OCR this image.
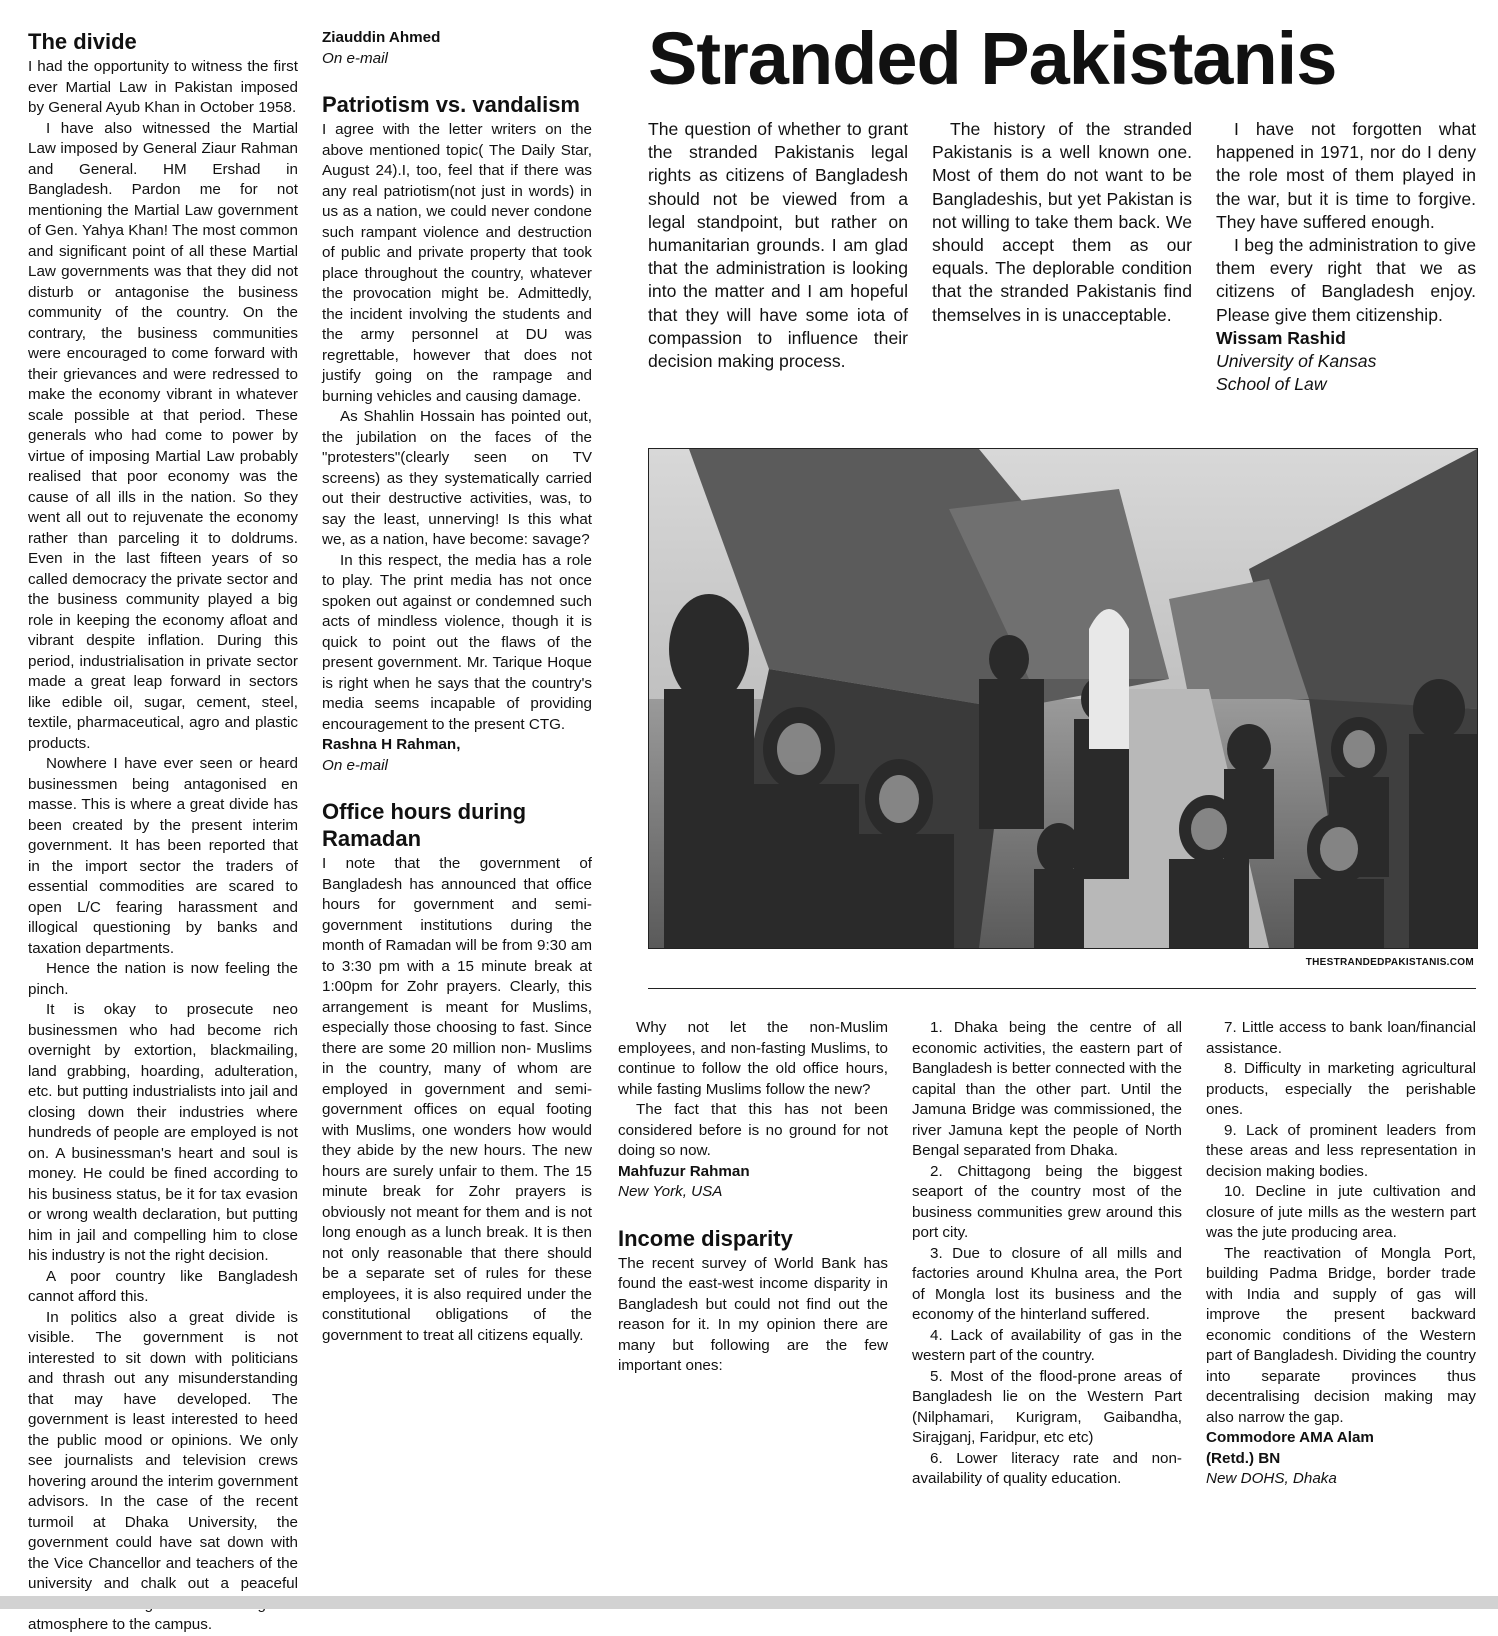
The divide

I had the opportunity to witness the first ever Martial Law in Pakistan imposed by General Ayub Khan in October 1958.

I have also witnessed the Martial Law imposed by General Ziaur Rahman and General. HM Ershad in Bangladesh. Pardon me for not mentioning the Martial Law government of Gen. Yahya Khan! The most common and significant point of all these Martial Law governments was that they did not disturb or antagonise the business community of the country. On the contrary, the business communities were encouraged to come forward with their grievances and were redressed to make the economy vibrant in whatever scale possible at that period. These generals who had come to power by virtue of imposing Martial Law probably realised that poor economy was the cause of all ills in the nation. So they went all out to rejuvenate the economy rather than parceling it to doldrums. Even in the last fifteen years of so called democracy the private sector and the business community played a big role in keeping the economy afloat and vibrant despite inflation. During this period, industrialisation in private sector made a great leap forward in sectors like edible oil, sugar, cement, steel, textile, pharmaceutical, agro and plastic products.

Nowhere I have ever seen or heard businessmen being antagonised en masse. This is where a great divide has been created by the present interim government. It has been reported that in the import sector the traders of essential commodities are scared to open L/C fearing harassment and illogical questioning by banks and taxation departments.

Hence the nation is now feeling the pinch.

It is okay to prosecute neo businessmen who had become rich overnight by extortion, blackmailing, land grabbing, hoarding, adulteration, etc. but putting industrialists into jail and closing down their industries where hundreds of people are employed is not on. A businessman's heart and soul is money. He could be fined according to his business status, be it for tax evasion or wrong wealth declaration, but putting him in jail and compelling him to close his industry is not the right decision.

A poor country like Bangladesh cannot afford this.

In politics also a great divide is visible. The government is not interested to sit down with politicians and thrash out any misunderstanding that may have developed. The government is least interested to heed the public mood or opinions. We only see journalists and television crews hovering around the interim government advisors. In the case of the recent turmoil at Dhaka University, the government could have sat down with the Vice Chancellor and teachers of the university and chalk out a peaceful atmosphere to the campus.

Ziauddin Ahmed

On e-mail

Patriotism vs. vandalism

I agree with the letter writers on the above mentioned topic( The Daily Star, August 24).I, too, feel that if there was any real patriotism(not just in words) in us as a nation, we could never condone such rampant violence and destruction of public and private property that took place throughout the country, whatever the provocation might be. Admittedly, the incident involving the students and the army personnel at DU was regrettable, however that does not justify going on the rampage and burning vehicles and causing damage.

As Shahlin Hossain has pointed out, the jubilation on the faces of the "protesters"(clearly seen on TV screens) as they systematically carried out their destructive activities, was, to say the least, unnerving! Is this what we, as a nation, have become: savage?

In this respect, the media has a role to play. The print media has not once spoken out against or condemned such acts of mindless violence, though it is quick to point out the flaws of the present government. Mr. Tarique Hoque is right when he says that the country's media seems incapable of providing encouragement to the present CTG.

Rashna H Rahman,

On e-mail

Office hours during Ramadan

I note that the government of Bangladesh has announced that office hours for government and semi-government institutions during the month of Ramadan will be from 9:30 am to 3:30 pm with a 15 minute break at 1:00pm for Zohr prayers. Clearly, this arrangement is meant for Muslims, especially those choosing to fast. Since there are some 20 million non- Muslims in the country, many of whom are employed in government and semi-government offices on equal footing with Muslims, one wonders how would they abide by the new hours. The new hours are surely unfair to them. The 15 minute break for Zohr prayers is obviously not meant for them and is not long enough as a lunch break. It is then not only reasonable that there should be a separate set of rules for these employees, it is also required under the constitutional obligations of the government to treat all citizens equally.

Stranded Pakistanis

The question of whether to grant the stranded Pakistanis legal rights as citizens of Bangladesh should not be viewed from a legal standpoint, but rather on humanitarian grounds. I am glad that the administration is looking into the matter and I am hopeful that they will have some iota of compassion to influence their decision making process.

The history of the stranded Pakistanis is a well known one. Most of them do not want to be Bangladeshis, but yet Pakistan is not willing to take them back. We should accept them as our equals. The deplorable condition that the stranded Pakistanis find themselves in is unacceptable.

I have not forgotten what happened in 1971, nor do I deny the role most of them played in the war, but it is time to forgive. They have suffered enough.

I beg the administration to give them every right that we as citizens of Bangladesh enjoy. Please give them citizenship.

Wissam Rashid

University of Kansas

School of Law

THESTRANDEDPAKISTANIS.COM

Why not let the non-Muslim employees, and non-fasting Muslims, to continue to follow the old office hours, while fasting Muslims follow the new?

The fact that this has not been considered before is no ground for not doing so now.

Mahfuzur Rahman

New York, USA

Income disparity

The recent survey of World Bank has found the east-west income disparity in Bangladesh but could not find out the reason for it. In my opinion there are many but following are the few important ones:

1. Dhaka being the centre of all economic activities, the eastern part of Bangladesh is better connected with the capital than the other part. Until the Jamuna Bridge was commissioned, the river Jamuna kept the people of North Bengal separated from Dhaka.

2. Chittagong being the biggest seaport of the country most of the business communities grew around this port city.

3. Due to closure of all mills and factories around Khulna area, the Port of Mongla lost its business and the economy of the hinterland suffered.

4. Lack of availability of gas in the western part of the country.

5. Most of the flood-prone areas of Bangladesh lie on the Western Part (Nilphamari, Kurigram, Gaibandha, Sirajganj, Faridpur, etc etc)

6. Lower literacy rate and non-availability of quality education.

7. Little access to bank loan/financial assistance.

8. Difficulty in marketing agricultural products, especially the perishable ones.

9. Lack of prominent leaders from these areas and less representation in decision making bodies.

10. Decline in jute cultivation and closure of jute mills as the western part was the jute producing area.

The reactivation of Mongla Port, building Padma Bridge, border trade with India and supply of gas will improve the present backward economic conditions of the Western part of Bangladesh. Dividing the country into separate provinces thus decentralising decision making may also narrow the gap.

Commodore AMA Alam

(Retd.) BN

New DOHS, Dhaka
